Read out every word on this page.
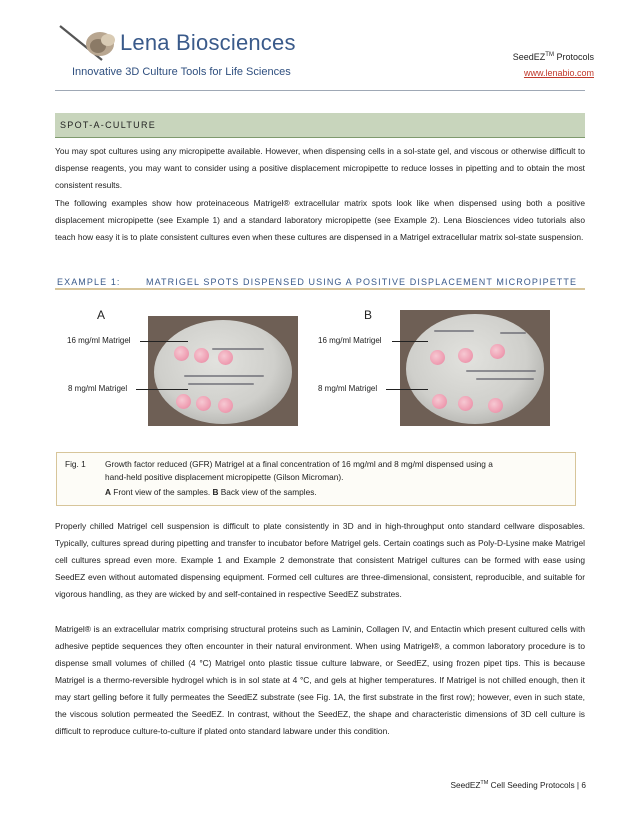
Lena Biosciences
Innovative 3D Culture Tools for Life Sciences
SeedEZ™ Protocols
www.lenabio.com
SPOT-A-CULTURE
You may spot cultures using any micropipette available. However, when dispensing cells in a sol-state gel, and viscous or otherwise difficult to dispense reagents, you may want to consider using a positive displacement micropipette to reduce losses in pipetting and to obtain the most consistent results.
The following examples show how proteinaceous Matrigel® extracellular matrix spots look like when dispensed using both a positive displacement micropipette (see Example 1) and a standard laboratory micropipette (see Example 2). Lena Biosciences video tutorials also teach how easy it is to plate consistent cultures even when these cultures are dispensed in a Matrigel extracellular matrix sol-state suspension.
EXAMPLE 1:	MATRIGEL SPOTS DISPENSED USING A POSITIVE DISPLACEMENT MICROPIPETTE
A	B
16 mg/ml Matrigel
8 mg/ml Matrigel
16 mg/ml Matrigel
8 mg/ml Matrigel
Fig. 1 Growth factor reduced (GFR) Matrigel at a final concentration of 16 mg/ml and 8 mg/ml dispensed using a
hand-held positive displacement micropipette (Gilson Microman).
A Front view of the samples. B Back view of the samples.
Properly chilled Matrigel cell suspension is difficult to plate consistently in 3D and in high-throughput onto standard cellware disposables. Typically, cultures spread during pipetting and transfer to incubator before Matrigel gels. Certain coatings such as Poly-D-Lysine make Matrigel cell cultures spread even more. Example 1 and Example 2 demonstrate that consistent Matrigel cultures can be formed with ease using SeedEZ even without automated dispensing equipment. Formed cell cultures are three-dimensional, consistent, reproducible, and suitable for vigorous handling, as they are wicked by and self-contained in respective SeedEZ substrates.
Matrigel® is an extracellular matrix comprising structural proteins such as Laminin, Collagen IV, and Entactin which present cultured cells with adhesive peptide sequences they often encounter in their natural environment. When using Matrigel®, a common laboratory procedure is to dispense small volumes of chilled (4 °C) Matrigel onto plastic tissue culture labware, or SeedEZ, using frozen pipet tips. This is because Matrigel is a thermo-reversible hydrogel which is in sol state at 4 °C, and gels at higher temperatures. If Matrigel is not chilled enough, then it may start gelling before it fully permeates the SeedEZ substrate (see Fig. 1A, the first substrate in the first row); however, even in such state, the viscous solution permeated the SeedEZ. In contrast, without the SeedEZ, the shape and characteristic dimensions of 3D cell culture is difficult to reproduce culture-to-culture if plated onto standard labware under this condition.
SeedEZ™ Cell Seeding Protocols | 6
